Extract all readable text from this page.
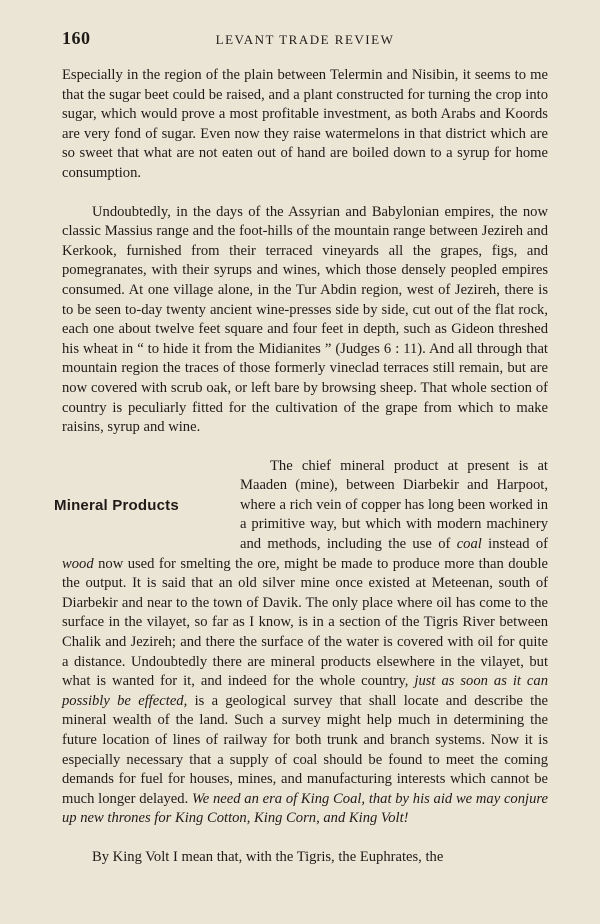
160	LEVANT TRADE REVIEW

Especially in the region of the plain between Telermin and Nisibin, it seems to me that the sugar beet could be raised, and a plant constructed for turning the crop into sugar, which would prove a most profitable investment, as both Arabs and Koords are very fond of sugar. Even now they raise watermelons in that district which are so sweet that what are not eaten out of hand are boiled down to a syrup for home consumption.

Undoubtedly, in the days of the Assyrian and Babylonian empires, the now classic Massius range and the foot-hills of the mountain range between Jezireh and Kerkook, furnished from their terraced vineyards all the grapes, figs, and pomegranates, with their syrups and wines, which those densely peopled empires consumed. At one village alone, in the Tur Abdin region, west of Jezireh, there is to be seen to-day twenty ancient wine-presses side by side, cut out of the flat rock, each one about twelve feet square and four feet in depth, such as Gideon threshed his wheat in “ to hide it from the Midianites ” (Judges 6 : 11). And all through that mountain region the traces of those formerly vineclad terraces still remain, but are now covered with scrub oak, or left bare by browsing sheep. That whole section of country is peculiarly fitted for the cultivation of the grape from which to make raisins, syrup and wine.

Mineral Products
The chief mineral product at present is at Maaden (mine), between Diarbekir and Harpoot, where a rich vein of copper has long been worked in a primitive way, but which with modern machinery and methods, including the use of coal instead of wood now used for smelting the ore, might be made to produce more than double the output. It is said that an old silver mine once existed at Meteenan, south of Diarbekir and near to the town of Davik. The only place where oil has come to the surface in the vilayet, so far as I know, is in a section of the Tigris River between Chalik and Jezireh; and there the surface of the water is covered with oil for quite a distance. Undoubtedly there are mineral products elsewhere in the vilayet, but what is wanted for it, and indeed for the whole country, just as soon as it can possibly be effected, is a geological survey that shall locate and describe the mineral wealth of the land. Such a survey might help much in determining the future location of lines of railway for both trunk and branch systems. Now it is especially necessary that a supply of coal should be found to meet the coming demands for fuel for houses, mines, and manufacturing interests which cannot be much longer delayed. We need an era of King Coal, that by his aid we may conjure up new thrones for King Cotton, King Corn, and King Volt!

By King Volt I mean that, with the Tigris, the Euphrates, the
